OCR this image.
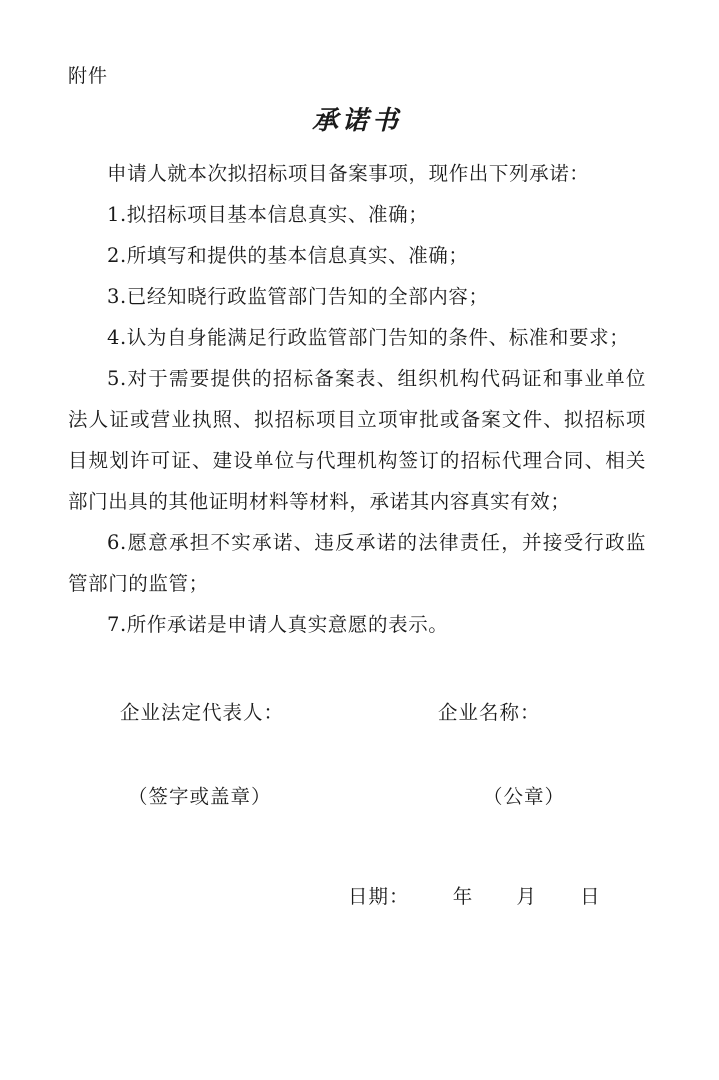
附件
承诺书

申请人就本次拟招标项目备案事项，现作出下列承诺：

1.拟招标项目基本信息真实、准确；

2.所填写和提供的基本信息真实、准确；

3.已经知晓行政监管部门告知的全部内容；

4.认为自身能满足行政监管部门告知的条件、标准和要求；

5.对于需要提供的招标备案表、组织机构代码证和事业单位法人证或营业执照、拟招标项目立项审批或备案文件、拟招标项目规划许可证、建设单位与代理机构签订的招标代理合同、相关部门出具的其他证明材料等材料，承诺其内容真实有效；

6.愿意承担不实承诺、违反承诺的法律责任，并接受行政监管部门的监管；

7.所作承诺是申请人真实意愿的表示。

企业法定代表人：	企业名称：
（签字或盖章）	（公章）
日期：      年      月      日
